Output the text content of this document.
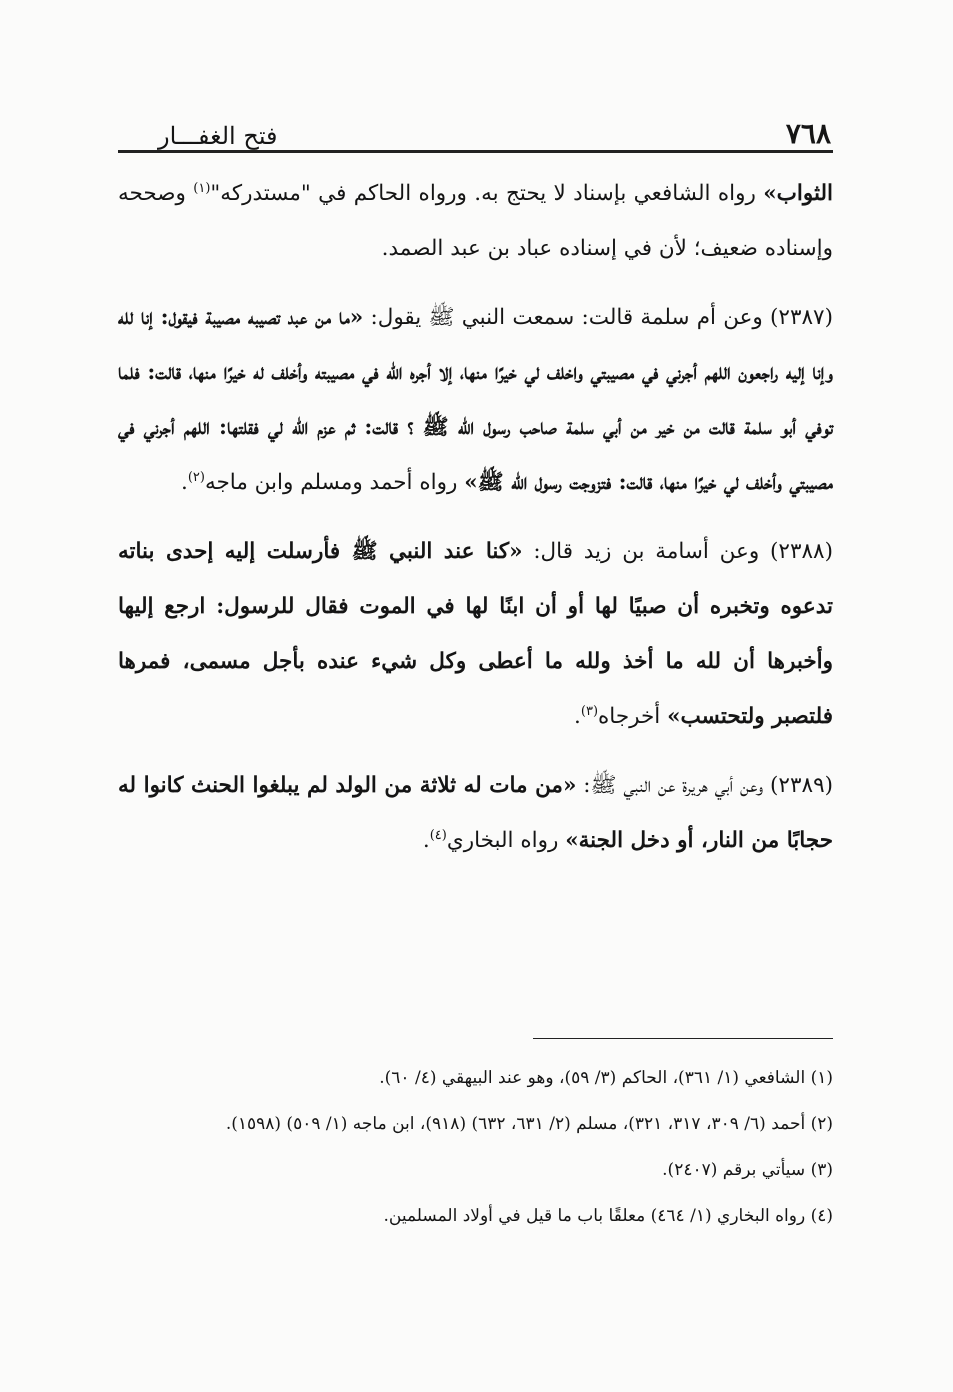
٧٦٨
فتح الغفـــار

الثواب» رواه الشافعي بإسناد لا يحتج به. ورواه الحاكم في "مستدركه"$^{(١)}$ وصححه وإسناده ضعيف؛ لأن في إسناده عباد بن عبد الصمد.

(٢٣٨٧) وعن أم سلمة قالت: سمعت النبي ﷺ يقول: «ما من عبد تصيبه مصيبة فيقول: إنا لله وإنا إليه راجعون اللهم أجرني في مصيبتي واخلف لي خيرًا منها، إلا أجره الله في مصيبته وأخلف له خيرًا منها، قالت: فلما توفي أبو سلمة قالت من خير من أبي سلمة صاحب رسول الله ﷺ ؟ قالت: ثم عزم الله لي فقلتها: اللهم أجرني في مصيبتي وأخلف لي خيرًا منها، قالت: فتزوجت رسول الله ﷺ» رواه أحمد ومسلم وابن ماجه$^{(٢)}$.

(٢٣٨٨) وعن أسامة بن زيد قال: «كنا عند النبي ﷺ فأرسلت إليه إحدى بناته تدعوه وتخبره أن صبيًا لها أو أن ابنًا لها في الموت فقال للرسول: ارجع إليها وأخبرها أن لله ما أخذ ولله ما أعطى وكل شيء عنده بأجل مسمى، فمرها فلتصبر ولتحتسب» أخرجاه$^{(٣)}$.

(٢٣٨٩) وعن أبي هريرة عن النبي ﷺ: «من مات له ثلاثة من الولد لم يبلغوا الحنث كانوا له حجابًا من النار، أو دخل الجنة» رواه البخاري$^{(٤)}$.

(١) الشافعي (١/ ٣٦١)، الحاكم (٣/ ٥٩)، وهو عند البيهقي (٤/ ٦٠).

(٢) أحمد (٦/ ٣٠٩، ٣١٧، ٣٢١)، مسلم (٢/ ٦٣١، ٦٣٢) (٩١٨)، ابن ماجه (١/ ٥٠٩) (١٥٩٨).

(٣) سيأتي برقم (٢٤٠٧).

(٤) رواه البخاري (١/ ٤٦٤) معلقًا باب ما قيل في أولاد المسلمين.
